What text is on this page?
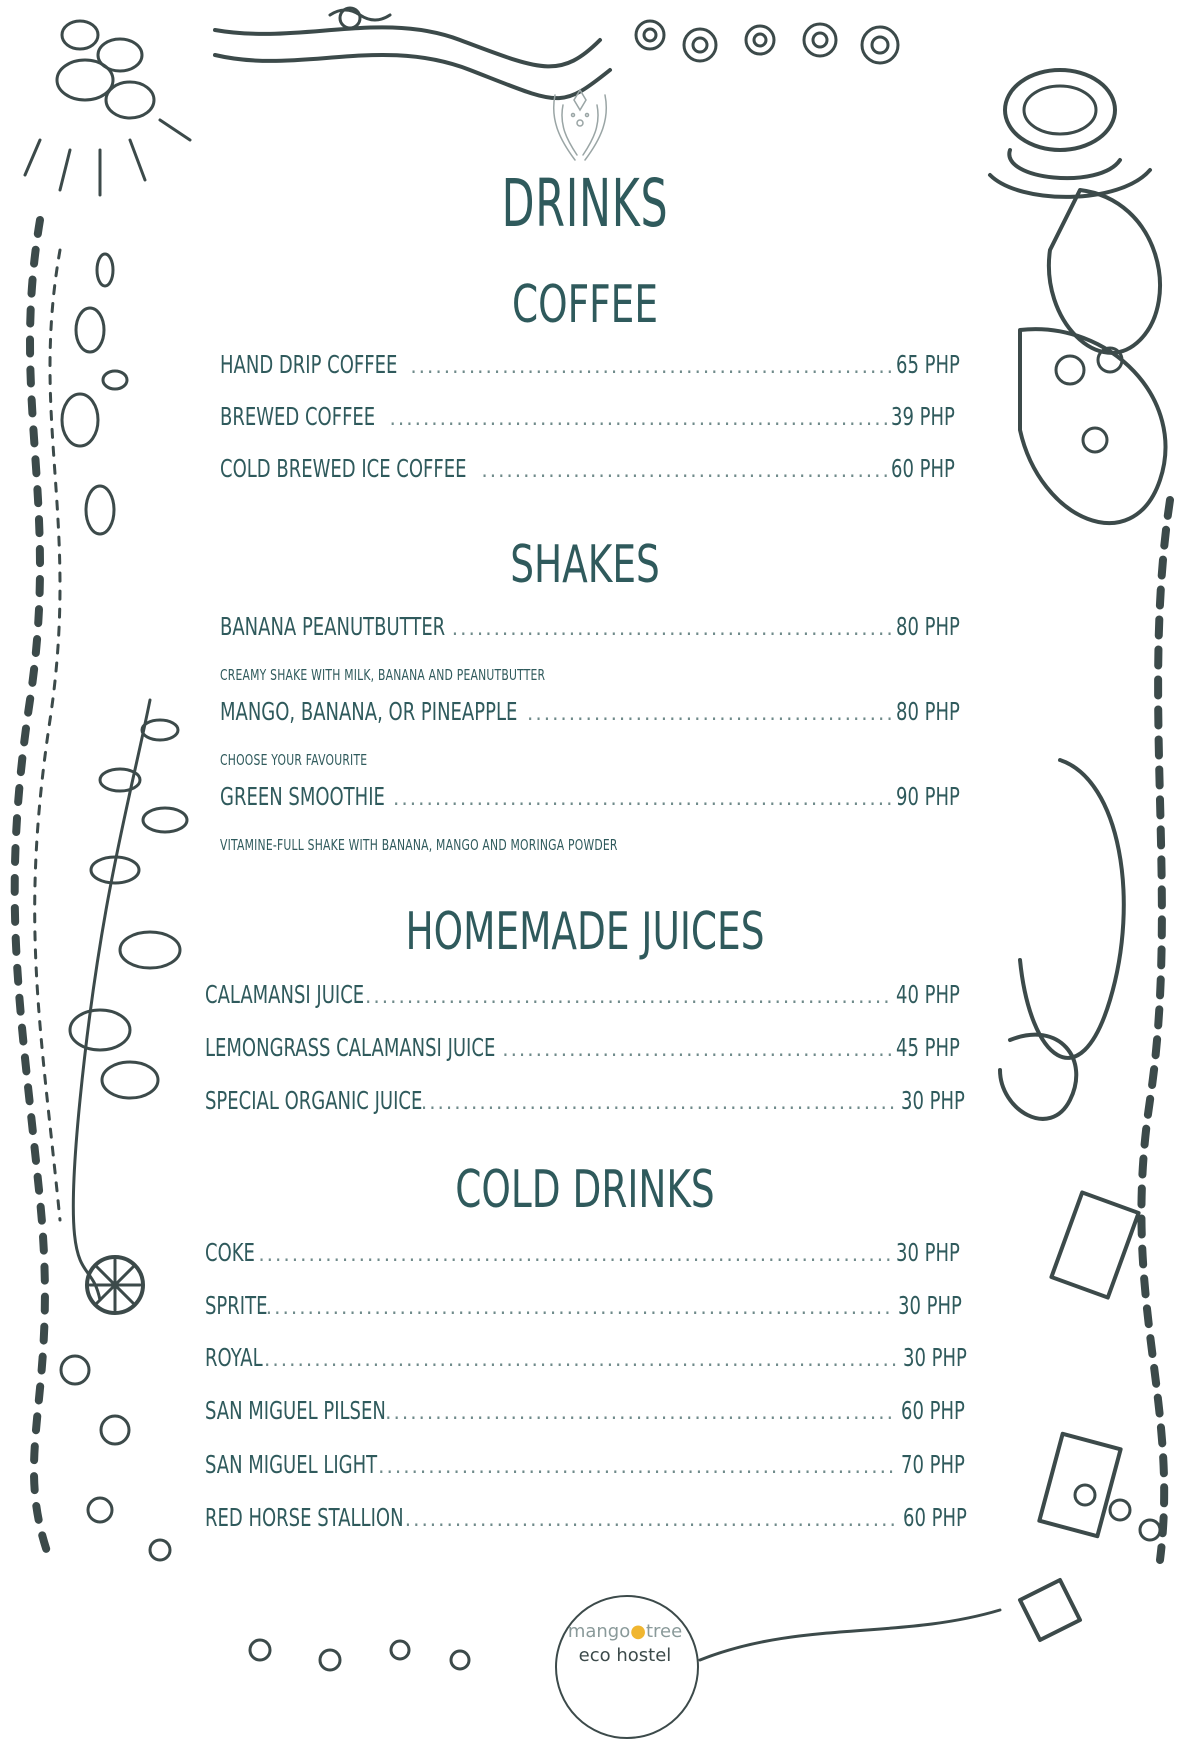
DRINKS
COFFEE
HAND DRIP COFFEE .....	65 PHP
BREWED COFFEE .....	39 PHP
COLD BREWED ICE COFFEE .....	60 PHP
SHAKES
BANANA PEANUTBUTTER .....	80 PHP
CREAMY SHAKE WITH MILK, BANANA AND PEANUTBUTTER
MANGO, BANANA, OR PINEAPPLE .....	80 PHP
CHOOSE YOUR FAVOURITE
GREEN SMOOTHIE .....	90 PHP
VITAMINE-FULL SHAKE WITH BANANA, MANGO AND MORINGA POWDER
HOMEMADE JUICES
CALAMANSI JUICE .....	40 PHP
LEMONGRASS CALAMANSI JUICE .....	45 PHP
SPECIAL ORGANIC JUICE .....	30 PHP
COLD DRINKS
COKE .....	30 PHP
SPRITE .....	30 PHP
ROYAL .....	30 PHP
SAN MIGUEL PILSEN .....	60 PHP
SAN MIGUEL LIGHT .....	70 PHP
RED HORSE STALLION .....	60 PHP
mango●tree
eco hostel
